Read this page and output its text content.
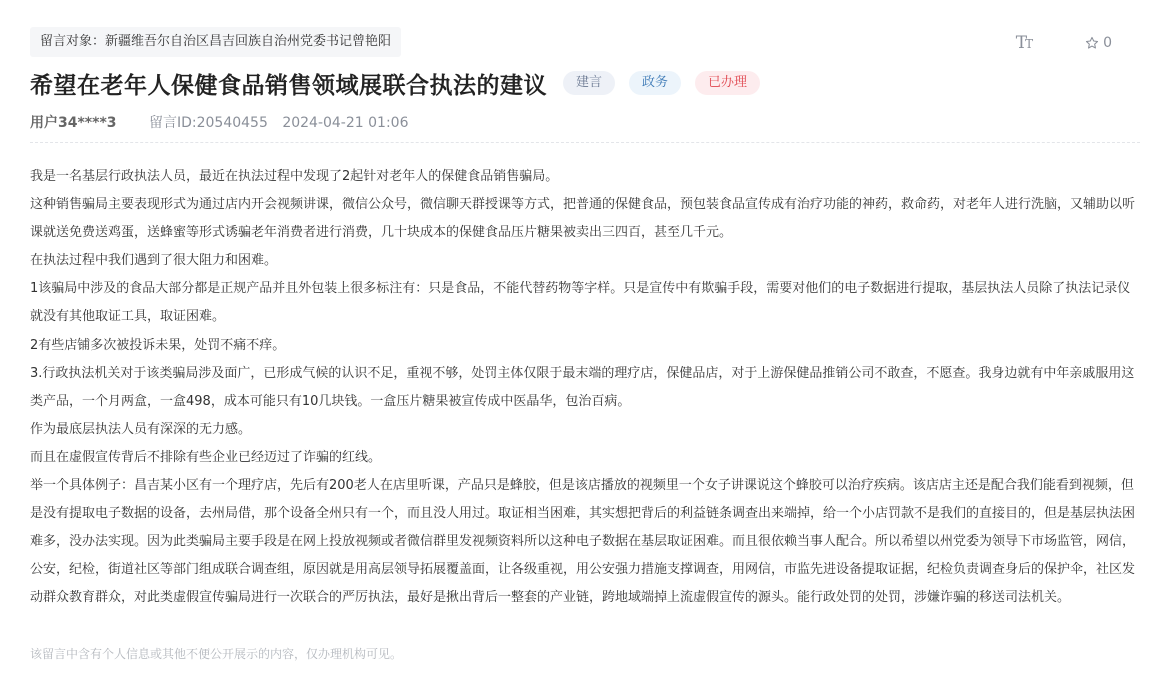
留言对象：新疆维吾尔自治区昌吉回族自治州党委书记曾艳阳	TT	0
希望在老年人保健食品销售领域展联合执法的建议	建言	政务	已办理
用户34****3 留言ID:20540455 2024-04-21 01:06

我是一名基层行政执法人员，最近在执法过程中发现了2起针对老年人的保健食品销售骗局。

这种销售骗局主要表现形式为通过店内开会视频讲课，微信公众号，微信聊天群授课等方式，把普通的保健食品，预包装食品宣传成有治疗功能的神药，救命药，对老年人进行洗脑，又辅助以听课就送免费送鸡蛋，送蜂蜜等形式诱骗老年消费者进行消费，几十块成本的保健食品压片糖果被卖出三四百，甚至几千元。

在执法过程中我们遇到了很大阻力和困难。

1该骗局中涉及的食品大部分都是正规产品并且外包装上很多标注有：只是食品，不能代替药物等字样。只是宣传中有欺骗手段，需要对他们的电子数据进行提取，基层执法人员除了执法记录仪就没有其他取证工具，取证困难。

2有些店铺多次被投诉未果，处罚不痛不痒。

3.行政执法机关对于该类骗局涉及面广，已形成气候的认识不足，重视不够，处罚主体仅限于最末端的理疗店，保健品店，对于上游保健品推销公司不敢查，不愿查。我身边就有中年亲戚服用这类产品，一个月两盒，一盒498，成本可能只有10几块钱。一盒压片糖果被宣传成中医晶华，包治百病。

作为最底层执法人员有深深的无力感。

而且在虚假宣传背后不排除有些企业已经迈过了诈骗的红线。

举一个具体例子：昌吉某小区有一个理疗店，先后有200老人在店里听课，产品只是蜂胶，但是该店播放的视频里一个女子讲课说这个蜂胶可以治疗疾病。该店店主还是配合我们能看到视频，但是没有提取电子数据的设备，去州局借，那个设备全州只有一个，而且没人用过。取证相当困难，其实想把背后的利益链条调查出来端掉，给一个小店罚款不是我们的直接目的，但是基层执法困难多，没办法实现。因为此类骗局主要手段是在网上投放视频或者微信群里发视频资料所以这种电子数据在基层取证困难。而且很依赖当事人配合。所以希望以州党委为领导下市场监管，网信，公安，纪检，街道社区等部门组成联合调查组，原因就是用高层领导拓展覆盖面，让各级重视，用公安强力措施支撑调查，用网信，市监先进设备提取证据，纪检负责调查身后的保护伞，社区发动群众教育群众，对此类虚假宣传骗局进行一次联合的严厉执法，最好是揪出背后一整套的产业链，跨地域端掉上流虚假宣传的源头。能行政处罚的处罚，涉嫌诈骗的移送司法机关。

该留言中含有个人信息或其他不便公开展示的内容，仅办理机构可见。
